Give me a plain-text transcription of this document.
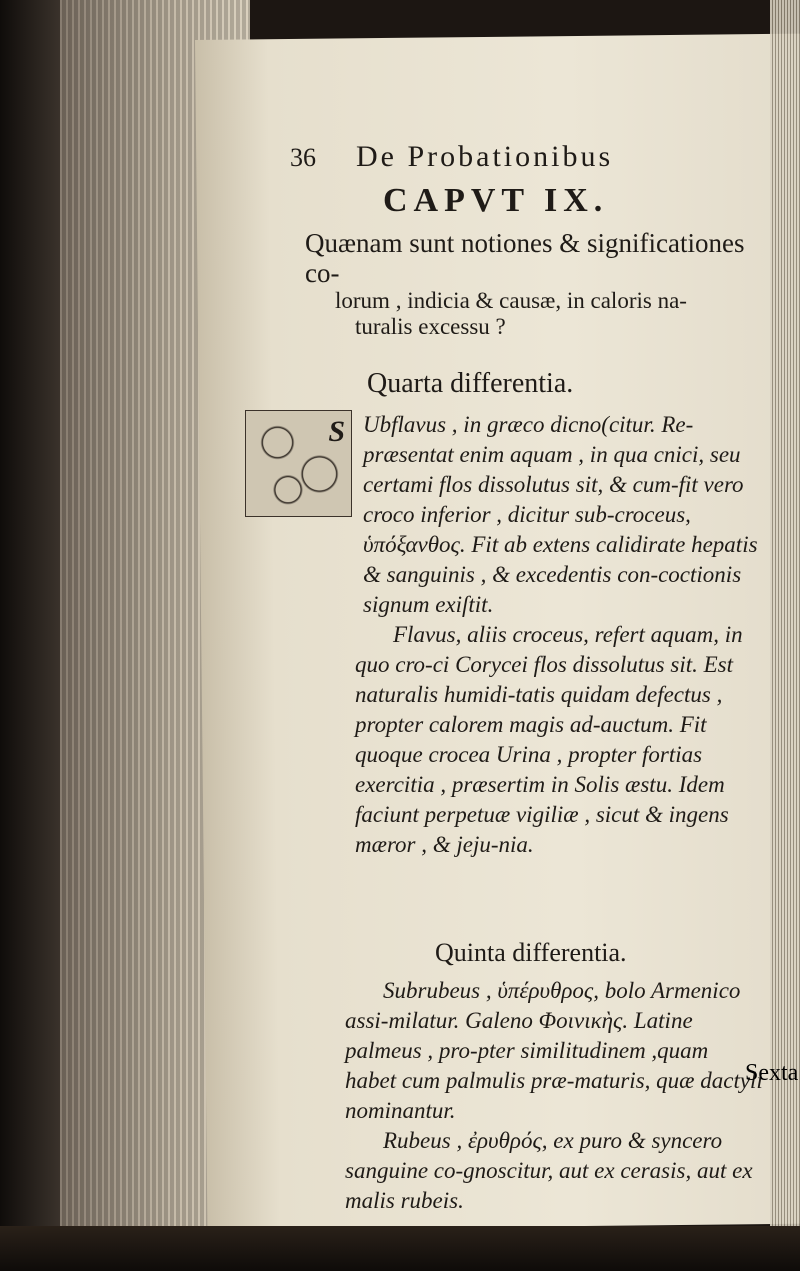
36 De Probationibus
CAPVT IX.
Quænam sunt notiones & significationes co-
lorum , indicia & causæ, in caloris na-
turalis excessu ?
Quarta differentia.
S Ubflavus , in græco dicno(citur. Re-præsentat enim aquam , in qua cnici, seu certami flos dissolutus sit, & cum-fit vero croco inferior , dicitur sub-croceus, ὑπόξανθος. Fit ab extens calidirate hepatis & sanguinis , & excedentis con-coctionis signum exiſtit.

Flavus, aliis croceus, refert aquam, in quo cro-ci Corycei flos dissolutus sit. Est naturalis humidi-tatis quidam defectus , propter calorem magis ad-auctum. Fit quoque crocea Urina , propter fortias exercitia , præsertim in Solis æstu. Idem faciunt perpetuæ vigiliæ , sicut & ingens mæror , & jeju-nia.

Quinta differentia.

Subrubeus , ὑπέρυθρος, bolo Armenico assi-milatur. Galeno Φοινικὴς. Latine palmeus , pro-pter similitudinem ,quam habet cum palmulis præ-maturis, quæ dactyli nominantur.

Rubeus , ἐρυθρός, ex puro & syncero sanguine co-gnoscitur, aut ex cerasis, aut ex malis rubeis.

Sexta
